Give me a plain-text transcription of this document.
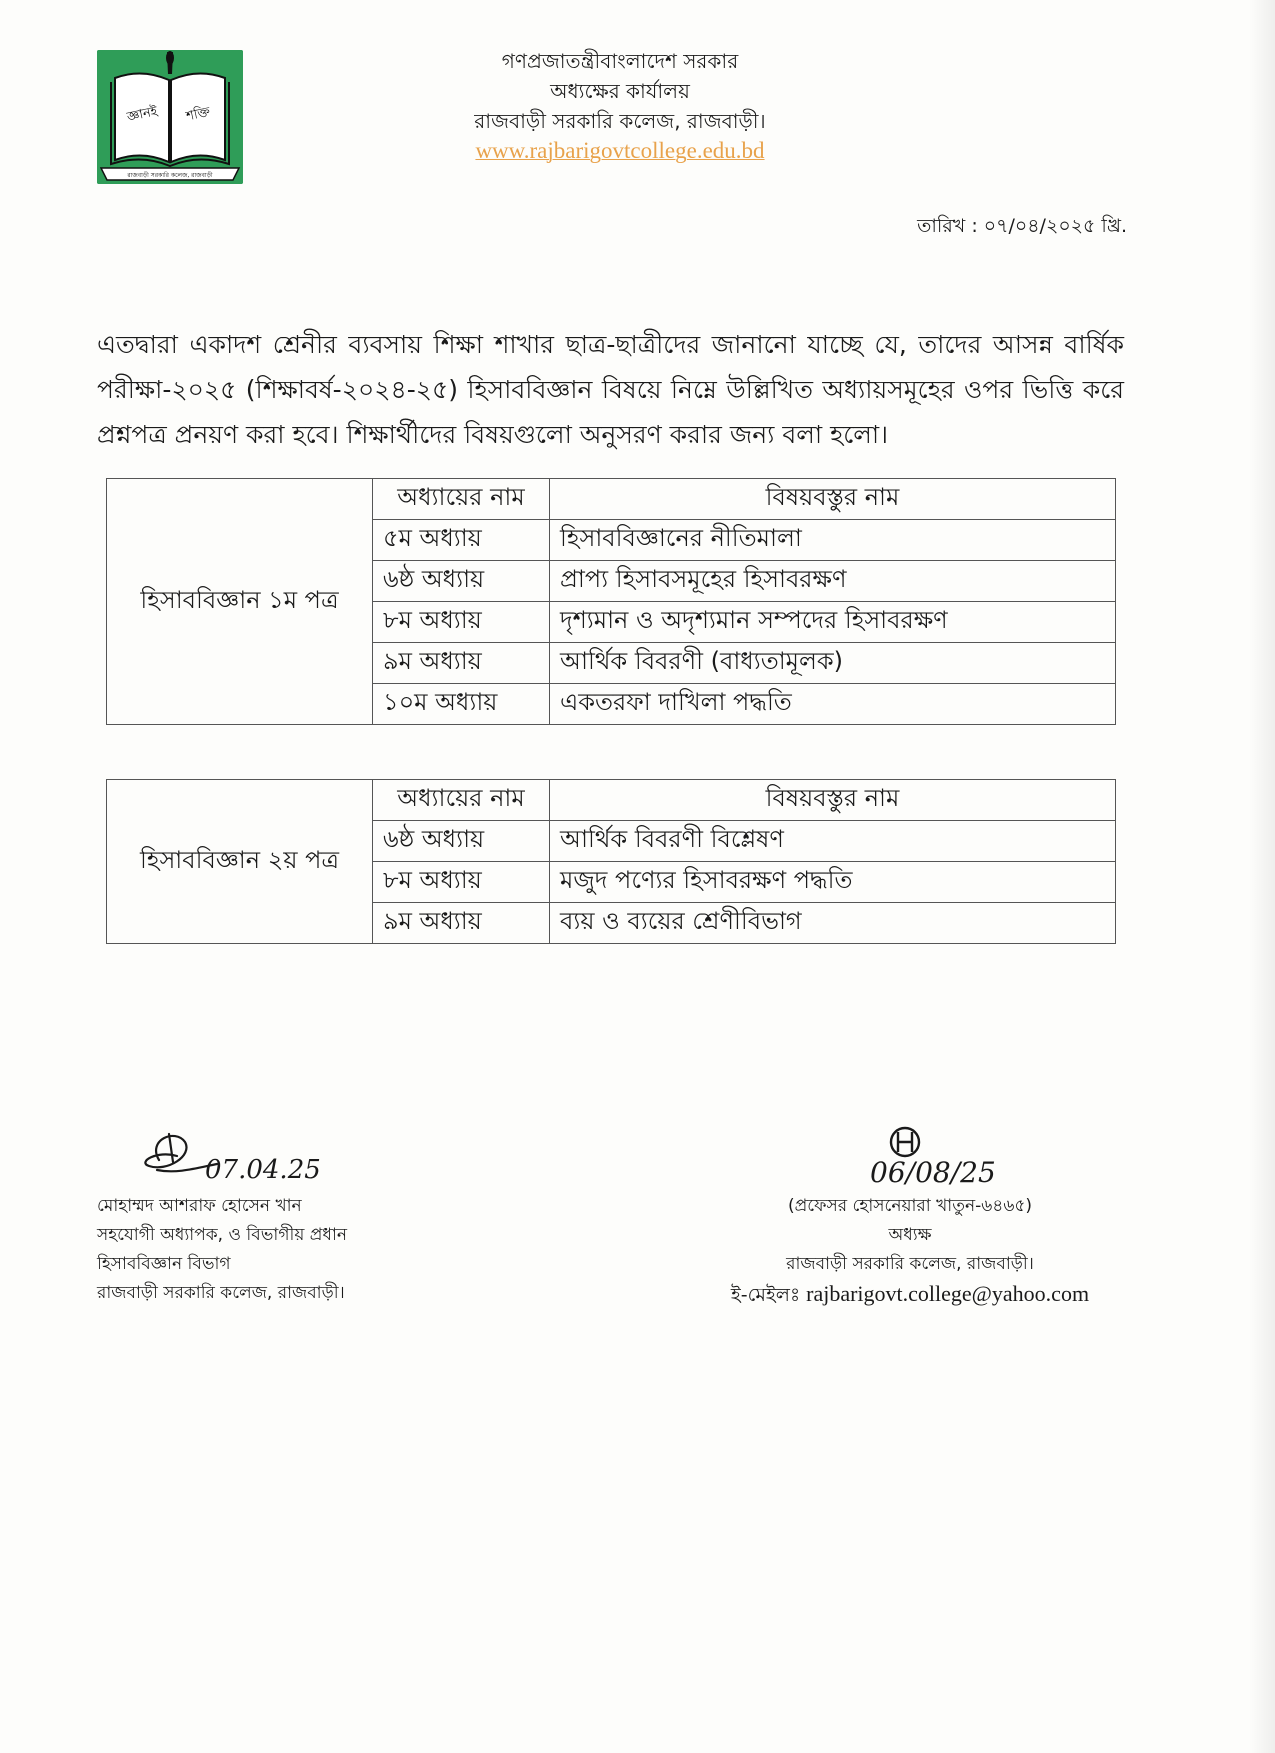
জ্ঞানই শক্তি
রাজবাড়ী সরকারি কলেজ, রাজবাড়ী
গণপ্রজাতন্ত্রীবাংলাদেশ সরকার
অধ্যক্ষের কার্যালয়
রাজবাড়ী সরকারি কলেজ, রাজবাড়ী।
www.rajbarigovtcollege.edu.bd
তারিখ : ০৭/০৪/২০২৫ খ্রি.
এতদ্বারা একাদশ শ্রেনীর ব্যবসায় শিক্ষা শাখার ছাত্র-ছাত্রীদের জানানো যাচ্ছে যে, তাদের আসন্ন বার্ষিক পরীক্ষা-২০২৫ (শিক্ষাবর্ষ-২০২৪-২৫) হিসাববিজ্ঞান বিষয়ে নিম্নে উল্লিখিত অধ্যায়সমূহের ওপর ভিত্তি করে প্রশ্নপত্র প্রনয়ণ করা হবে। শিক্ষার্থীদের বিষয়গুলো অনুসরণ করার জন্য বলা হলো।
হিসাববিজ্ঞান ১ম পত্র	অধ্যায়ের নাম	বিষয়বস্তুর নাম
	৫ম অধ্যায়	হিসাববিজ্ঞানের নীতিমালা
	৬ষ্ঠ অধ্যায়	প্রাপ্য হিসাবসমূহের হিসাবরক্ষণ
	৮ম অধ্যায়	দৃশ্যমান ও অদৃশ্যমান সম্পদের হিসাবরক্ষণ
	৯ম অধ্যায়	আর্থিক বিবরণী (বাধ্যতামূলক)
	১০ম অধ্যায়	একতরফা দাখিলা পদ্ধতি
হিসাববিজ্ঞান ২য় পত্র	অধ্যায়ের নাম	বিষয়বস্তুর নাম
	৬ষ্ঠ অধ্যায়	আর্থিক বিবরণী বিশ্লেষণ
	৮ম অধ্যায়	মজুদ পণ্যের হিসাবরক্ষণ পদ্ধতি
	৯ম অধ্যায়	ব্যয় ও ব্যয়ের শ্রেণীবিভাগ
07.04.25
মোহাম্মদ আশরাফ হোসেন খান
সহযোগী অধ্যাপক, ও বিভাগীয় প্রধান
হিসাববিজ্ঞান বিভাগ
রাজবাড়ী সরকারি কলেজ, রাজবাড়ী।
06/08/25
(প্রফেসর হোসনেয়ারা খাতুন-৬৪৬৫)
অধ্যক্ষ
রাজবাড়ী সরকারি কলেজ, রাজবাড়ী।
ই-মেইলঃ rajbarigovt.college@yahoo.com
